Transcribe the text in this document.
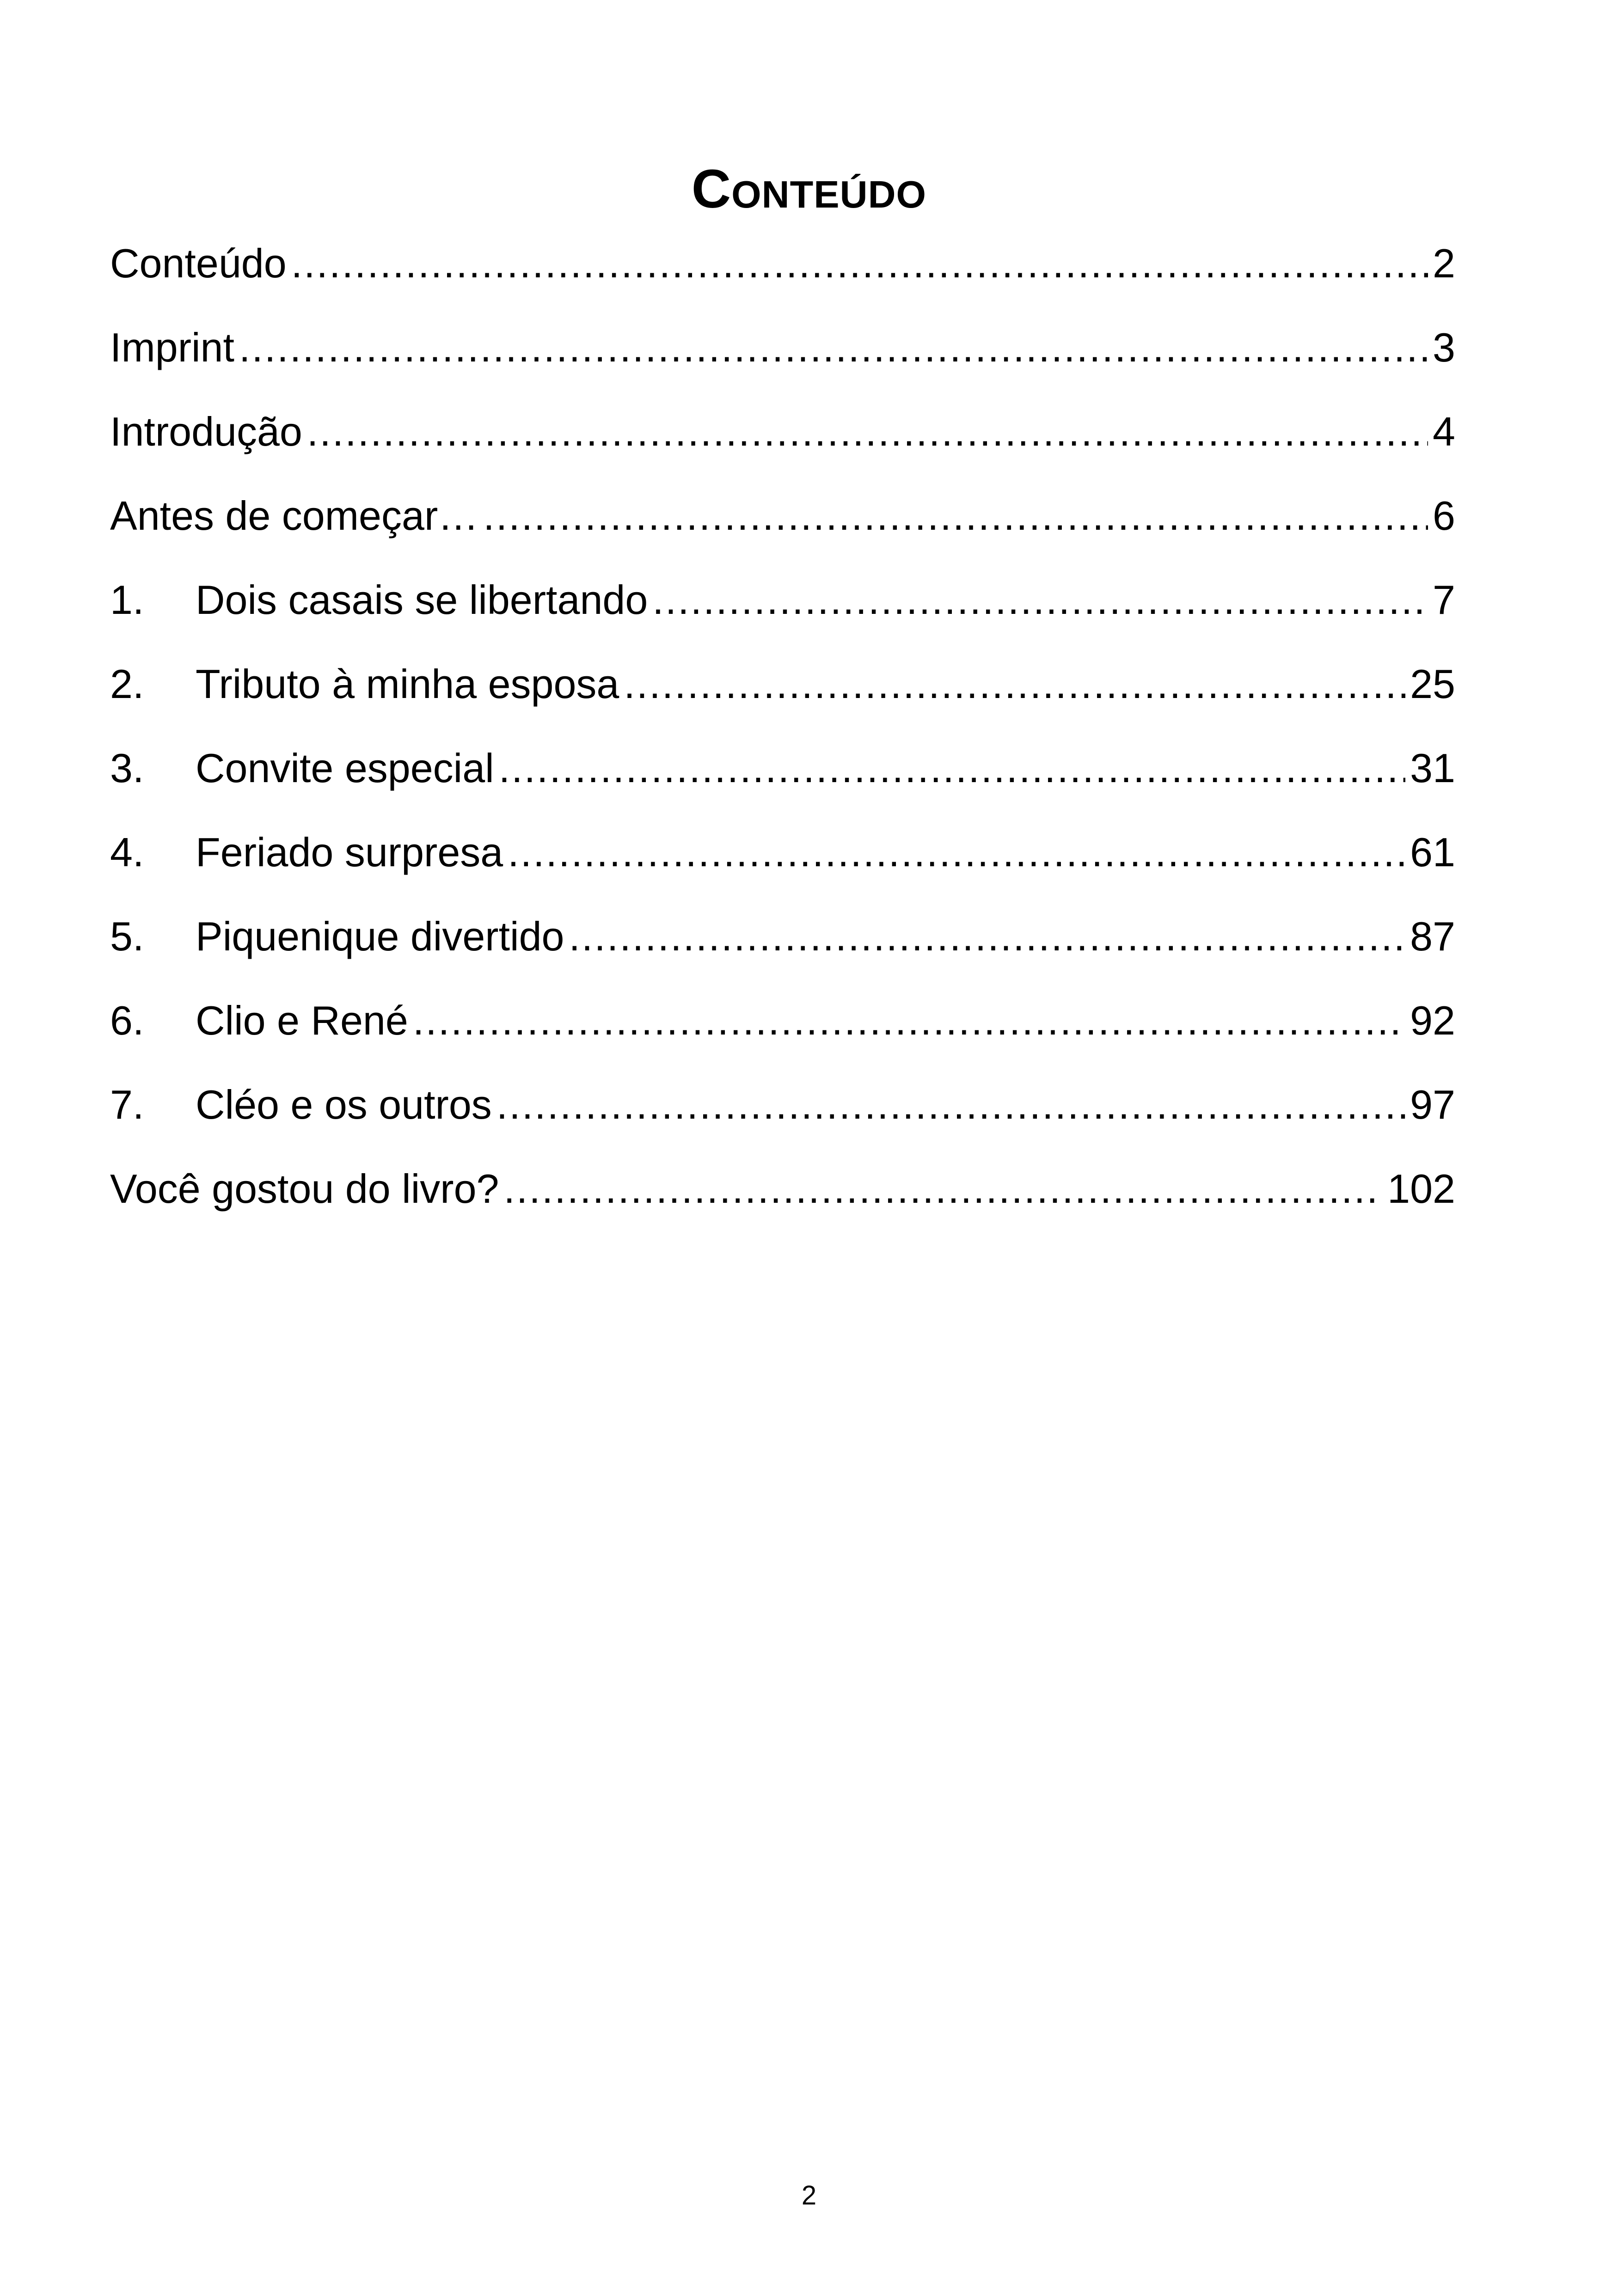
Conteúdo
Conteúdo .....	2
Imprint .....	3
Introdução .....	4
Antes de começar… .....	6
1.	Dois casais se libertando .....	7
2.	Tributo à minha esposa .....	25
3.	Convite especial .....	31
4.	Feriado surpresa .....	61
5.	Piquenique divertido .....	87
6.	Clio e René .....	92
7.	Cléo e os outros .....	97
Você gostou do livro? .....	102
2
